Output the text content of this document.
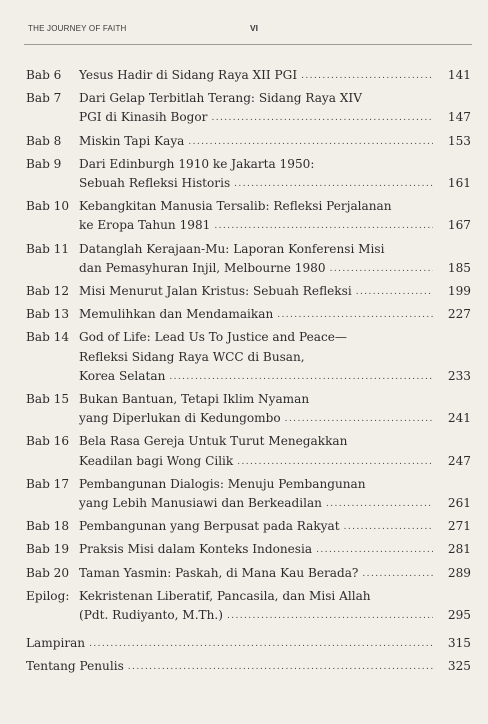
THE JOURNEY OF FAITH	VI
Bab 6 Yesus Hadir di Sidang Raya XII PGI .....	141
Bab 7 Dari Gelap Terbitlah Terang: Sidang Raya XIV
PGI di Kinasih Bogor .....	147
Bab 8 Miskin Tapi Kaya .....	153
Bab 9 Dari Edinburgh 1910 ke Jakarta 1950:
Sebuah Refleksi Historis .....	161
Bab 10 Kebangkitan Manusia Tersalib: Refleksi Perjalanan
ke Eropa Tahun 1981 .....	167
Bab 11 Datanglah Kerajaan-Mu: Laporan Konferensi Misi
dan Pemasyhuran Injil, Melbourne 1980 .....	185
Bab 12 Misi Menurut Jalan Kristus: Sebuah Refleksi .....	199
Bab 13 Memulihkan dan Mendamaikan .....	227
Bab 14 God of Life: Lead Us To Justice and Peace—
Refleksi Sidang Raya WCC di Busan,
Korea Selatan .....	233
Bab 15 Bukan Bantuan, Tetapi Iklim Nyaman
yang Diperlukan di Kedungombo .....	241
Bab 16 Bela Rasa Gereja Untuk Turut Menegakkan
Keadilan bagi Wong Cilik .....	247
Bab 17 Pembangunan Dialogis: Menuju Pembangunan
yang Lebih Manusiawi dan Berkeadilan .....	261
Bab 18 Pembangunan yang Berpusat pada Rakyat .....	271
Bab 19 Praksis Misi dalam Konteks Indonesia .....	281
Bab 20 Taman Yasmin: Paskah, di Mana Kau Berada? .....	289
Epilog: Kekristenan Liberatif, Pancasila, dan Misi Allah
(Pdt. Rudiyanto, M.Th.) .....	295
Lampiran .....	315
Tentang Penulis .....	325
